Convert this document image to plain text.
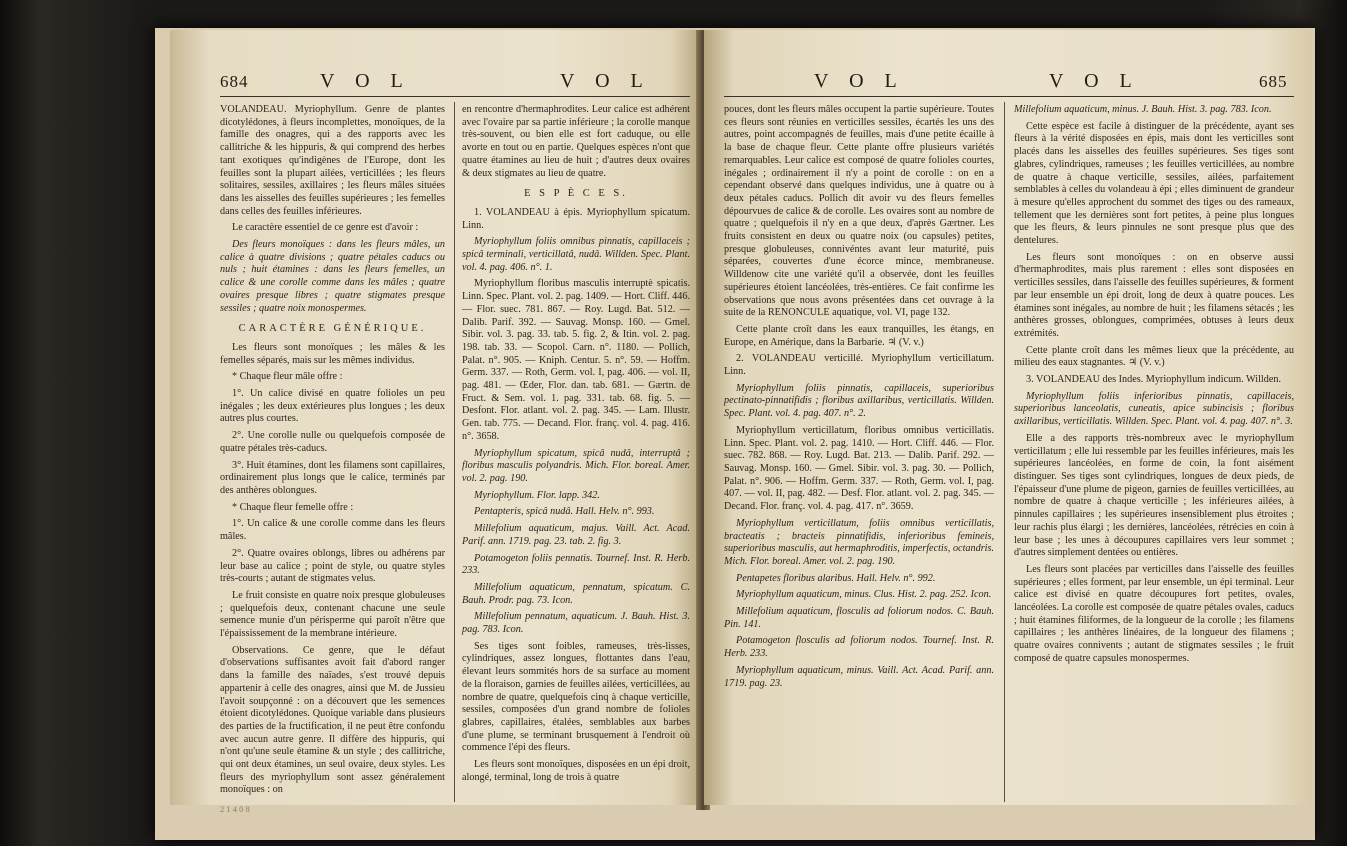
684	V O L	V O L

VOLANDEAU. Myriophyllum. Genre de plantes dicotylédones, à fleurs incomplettes, monoïques, de la famille des onagres, qui a des rapports avec les callitriche & les hippuris, & qui comprend des herbes tant exotiques qu'indigènes de l'Europe, dont les feuilles sont la plupart ailées, verticillées ; les fleurs solitaires, sessiles, axillaires ; les fleurs mâles situées dans les aisselles des feuilles supérieures ; les femelles dans celles des feuilles inférieures.

Le caractère essentiel de ce genre est d'avoir :

Des fleurs monoïques : dans les fleurs mâles, un calice à quatre divisions ; quatre pétales caducs ou nuls ; huit étamines : dans les fleurs femelles, un calice & une corolle comme dans les mâles ; quatre ovaires presque libres ; quatre stigmates presque sessiles ; quatre noix monospermes.

CARACTÈRE GÉNÉRIQUE.

Les fleurs sont monoïques ; les mâles & les femelles séparés, mais sur les mêmes individus.

* Chaque fleur mâle offre :

1°. Un calice divisé en quatre folioles un peu inégales ; les deux extérieures plus longues ; les deux autres plus courtes.

2°. Une corolle nulle ou quelquefois composée de quatre pétales très-caducs.

3°. Huit étamines, dont les filamens sont capillaires, ordinairement plus longs que le calice, terminés par des anthères oblongues.

* Chaque fleur femelle offre :

1°. Un calice & une corolle comme dans les fleurs mâles.

2°. Quatre ovaires oblongs, libres ou adhérens par leur base au calice ; point de style, ou quatre styles très-courts ; autant de stigmates velus.

Le fruit consiste en quatre noix presque globuleuses ; quelquefois deux, contenant chacune une seule semence munie d'un périsperme qui paroît n'être que l'épaississement de la membrane intérieure.

Observations. Ce genre, que le défaut d'observations suffisantes avoit fait d'abord ranger dans la famille des naïades, s'est trouvé depuis appartenir à celle des onagres, ainsi que M. de Jussieu l'avoit soupçonné : on a découvert que les semences étoient dicotylédones. Quoique variable dans plusieurs des parties de la fructification, il ne peut être confondu avec aucun autre genre. Il diffère des hippuris, qui n'ont qu'une seule étamine & un style ; des callitriche, qui ont deux étamines, un seul ovaire, deux styles. Les fleurs des myriophyllum sont assez généralement monoïques : on

2 1 4 0 8

en rencontre d'hermaphrodites. Leur calice est adhérent avec l'ovaire par sa partie inférieure ; la corolle manque très-souvent, ou bien elle est fort caduque, ou elle avorte en tout ou en partie. Quelques espèces n'ont que quatre étamines au lieu de huit ; d'autres deux ovaires & deux stigmates au lieu de quatre.

E S P È C E S.

1. VOLANDEAU à épis. Myriophyllum spicatum. Linn.

Myriophyllum foliis omnibus pinnatis, capillaceis ; spicâ terminali, verticillatâ, nudâ. Willden. Spec. Plant. vol. 4. pag. 406. n°. 1.

Myriophyllum floribus masculis interruptè spicatis. Linn. Spec. Plant. vol. 2. pag. 1409. — Hort. Cliff. 446. — Flor. suec. 781. 867. — Roy. Lugd. Bat. 512. — Dalib. Parif. 392. — Sauvag. Monsp. 160. — Gmel. Sibir. vol. 3. pag. 33. tab. 5. fig. 2, & Itin. vol. 2. pag. 198. tab. 33. — Scopol. Carn. n°. 1180. — Pollich, Palat. n°. 905. — Kniph. Centur. 5. n°. 59. — Hoffm. Germ. 337. — Roth, Germ. vol. I, pag. 406. — vol. II, pag. 481. — Œder, Flor. dan. tab. 681. — Gærtn. de Fruct. & Sem. vol. 1. pag. 331. tab. 68. fig. 5. — Desfont. Flor. atlant. vol. 2. pag. 345. — Lam. Illustr. Gen. tab. 775. — Decand. Flor. franç. vol. 4. pag. 416. n°. 3658.

Myriophyllum spicatum, spicâ nudâ, interruptâ ; floribus masculis polyandris. Mich. Flor. boreal. Amer. vol. 2. pag. 190.

Myriophyllum. Flor. lapp. 342.

Pentapteris, spicâ nudâ. Hall. Helv. n°. 993.

Millefolium aquaticum, majus. Vaill. Act. Acad. Parif. ann. 1719. pag. 23. tab. 2. fig. 3.

Potamogeton foliis pennatis. Tournef. Inst. R. Herb. 233.

Millefolium aquaticum, pennatum, spicatum. C. Bauh. Prodr. pag. 73. Icon.

Millefolium pennatum, aquaticum. J. Bauh. Hist. 3. pag. 783. Icon.

Ses tiges sont foibles, rameuses, très-lisses, cylindriques, assez longues, flottantes dans l'eau, élevant leurs sommités hors de sa surface au moment de la floraison, garnies de feuilles ailées, verticillées, au nombre de quatre, quelquefois cinq à chaque verticille, sessiles, composées d'un grand nombre de folioles glabres, capillaires, étalées, semblables aux barbes d'une plume, se terminant brusquement à l'endroit où commence l'épi des fleurs.

Les fleurs sont monoïques, disposées en un épi droit, alongé, terminal, long de trois à quatre

V O L	V O L	685

pouces, dont les fleurs mâles occupent la partie supérieure. Toutes ces fleurs sont réunies en verticilles sessiles, écartés les uns des autres, point accompagnés de feuilles, mais d'une petite écaille à la base de chaque fleur. Cette plante offre plusieurs variétés remarquables. Leur calice est composé de quatre folioles courtes, inégales ; ordinairement il n'y a point de corolle : on en a cependant observé dans quelques individus, une à quatre ou à deux pétales caducs. Pollich dit avoir vu des fleurs femelles dépourvues de calice & de corolle. Les ovaires sont au nombre de quatre ; quelquefois il n'y en a que deux, d'après Gærtner. Les fruits consistent en deux ou quatre noix (ou capsules) petites, presque globuleuses, connivéntes avant leur maturité, puis séparées, couvertes d'une écorce mince, membraneuse. Willdenow cite une variété qu'il a observée, dont les feuilles supérieures étoient lancéolées, très-entières. Ce fait confirme les observations que nous avons présentées dans cet ouvrage à la suite de la RENONCULE aquatique, vol. VI, page 132.

Cette plante croît dans les eaux tranquilles, les étangs, en Europe, en Amérique, dans la Barbarie. ♃ (V. v.)

2. VOLANDEAU verticillé. Myriophyllum verticillatum. Linn.

Myriophyllum foliis pinnatis, capillaceis, superioribus pectinato-pinnatifidis ; floribus axillaribus, verticillatis. Willden. Spec. Plant. vol. 4. pag. 407. n°. 2.

Myriophyllum verticillatum, floribus omnibus verticillatis. Linn. Spec. Plant. vol. 2. pag. 1410. — Hort. Cliff. 446. — Flor. suec. 782. 868. — Roy. Lugd. Bat. 213. — Dalib. Parif. 292. — Sauvag. Monsp. 160. — Gmel. Sibir. vol. 3. pag. 30. — Pollich, Palat. n°. 906. — Hoffm. Germ. 337. — Roth, Germ. vol. I, pag. 407. — vol. II, pag. 482. — Desf. Flor. atlant. vol. 2. pag. 345. — Decand. Flor. franç. vol. 4. pag. 417. n°. 3659.

Myriophyllum verticillatum, foliis omnibus verticillatis, bracteatis ; bracteis pinnatifidis, inferioribus femineis, superioribus masculis, aut hermaphroditis, imperfectis, octandris. Mich. Flor. boreal. Amer. vol. 2. pag. 190.

Pentapetes floribus alaribus. Hall. Helv. n°. 992.

Myriophyllum aquaticum, minus. Clus. Hist. 2. pag. 252. Icon.

Millefolium aquaticum, flosculis ad foliorum nodos. C. Bauh. Pin. 141.

Potamogeton flosculis ad foliorum nodos. Tournef. Inst. R. Herb. 233.

Myriophyllum aquaticum, minus. Vaill. Act. Acad. Parif. ann. 1719. pag. 23.

Millefolium aquaticum, minus. J. Bauh. Hist. 3. pag. 783. Icon.

Cette espèce est facile à distinguer de la précédente, ayant ses fleurs à la vérité disposées en épis, mais dont les verticilles sont placés dans les aisselles des feuilles supérieures. Ses tiges sont glabres, cylindriques, rameuses ; les feuilles verticillées, au nombre de quatre à chaque verticille, sessiles, ailées, parfaitement semblables à celles du volandeau à épi ; elles diminuent de grandeur à mesure qu'elles approchent du sommet des tiges ou des rameaux, tellement que les dernières sont fort petites, à peine plus longues que les fleurs, & leurs pinnules ne sont presque plus que des dentelures.

Les fleurs sont monoïques : on en observe aussi d'hermaphrodites, mais plus rarement : elles sont disposées en verticilles sessiles, dans l'aisselle des feuilles supérieures, & forment par leur ensemble un épi droit, long de deux à quatre pouces. Les étamines sont inégales, au nombre de huit ; les filamens sétacés ; les anthères grosses, oblongues, comprimées, obtuses à leurs deux extrémités.

Cette plante croît dans les mêmes lieux que la précédente, au milieu des eaux stagnantes. ♃ (V. v.)

3. VOLANDEAU des Indes. Myriophyllum indicum. Willden.

Myriophyllum foliis inferioribus pinnatis, capillaceis, superioribus lanceolatis, cuneatis, apice subincisis ; floribus axillaribus, verticillatis. Willden. Spec. Plant. vol. 4. pag. 407. n°. 3.

Elle a des rapports très-nombreux avec le myriophyllum verticillatum ; elle lui ressemble par les feuilles inférieures, mais les supérieures lancéolées, en forme de coin, la font aisément distinguer. Ses tiges sont cylindriques, longues de deux pieds, de l'épaisseur d'une plume de pigeon, garnies de feuilles verticillées, au nombre de quatre à chaque verticille ; les inférieures ailées, à pinnules capillaires ; les supérieures insensiblement plus étroites ; leur rachis plus élargi ; les dernières, lancéolées, rétrécies en coin à leur base ; les unes à découpures capillaires vers leur sommet ; d'autres simplement dentées ou entières.

Les fleurs sont placées par verticilles dans l'aisselle des feuilles supérieures ; elles forment, par leur ensemble, un épi terminal. Leur calice est divisé en quatre découpures fort petites, ovales, lancéolées. La corolle est composée de quatre pétales ovales, caducs ; huit étamines filiformes, de la longueur de la corolle ; les filamens capillaires ; les anthères linéaires, de la longueur des filamens ; quatre ovaires connivents ; autant de stigmates sessiles ; le fruit composé de quatre capsules monospermes.
